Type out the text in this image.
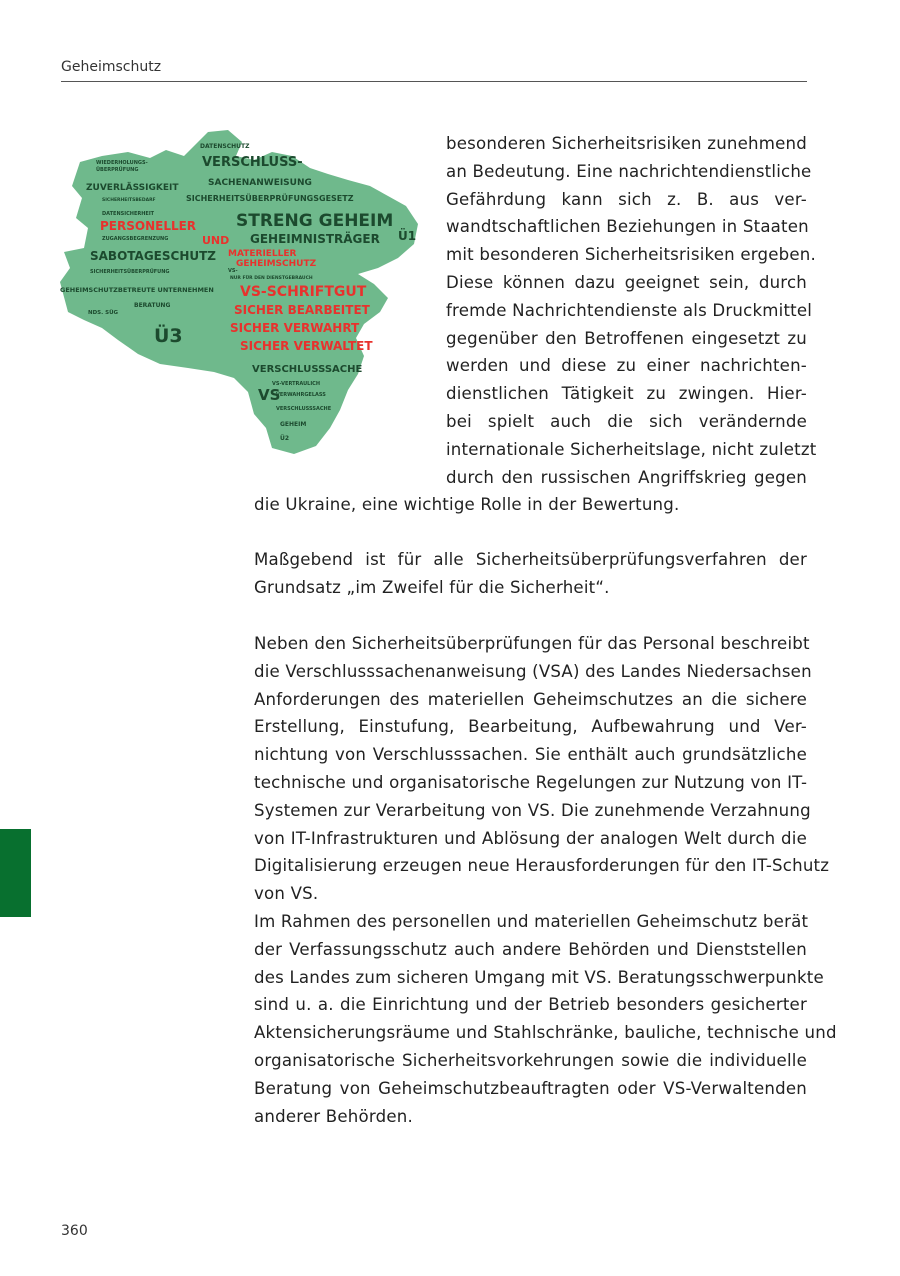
Geheimschutz
DATENSCHUTZ
VERSCHLUSS-
WIEDERHOLUNGS-
ÜBERPRÜFUNG
SACHENANWEISUNG
ZUVERLÄSSIGKEIT
SICHERHEITSBEDARF	SICHERHEITSÜBERPRÜFUNGSGESETZ
DATENSICHERHEIT	STRENG GEHEIM
PERSONELLER
ZUGANGSBEGRENZUNG	UND GEHEIMNISTRÄGER Ü1
SABOTAGESCHUTZ MATERIELLER
GEHEIMSCHUTZ
SICHERHEITSÜBERPRÜFUNG	VS-
NUR FÜR DEN DIENSTGEBRAUCH
GEHEIMSCHUTZBETREUTE UNTERNEHMEN VS-SCHRIFTGUT
NDS. SÜG
BERATUNG	SICHER BEARBEITET
Ü3	SICHER VERWAHRT
SICHER VERWALTET
VERSCHLUSSSACHE
VS-VERTRAULICH
VS
VERWAHRGELASS
VERSCHLUSSSACHE
GEHEIM
Ü2
besonderen Sicherheitsrisiken zunehmend
an Bedeutung. Eine nachrichtendienstliche
Gefährdung kann sich z. B. aus ver-
wandtschaftlichen Beziehungen in Staaten
mit besonderen Sicherheitsrisiken ergeben.
Diese können dazu geeignet sein, durch
fremde Nachrichtendienste als Druckmittel
gegenüber den Betroffenen eingesetzt zu
werden und diese zu einer nachrichten-
dienstlichen Tätigkeit zu zwingen. Hier-
bei spielt auch die sich verändernde
internationale Sicherheitslage, nicht zuletzt
durch den russischen Angriffskrieg gegen
die Ukraine, eine wichtige Rolle in der Bewertung.
Maßgebend ist für alle Sicherheitsüberprüfungsverfahren der
Grundsatz „im Zweifel für die Sicherheit“.
Neben den Sicherheitsüberprüfungen für das Personal beschreibt
die Verschlusssachenanweisung (VSA) des Landes Niedersachsen
Anforderungen des materiellen Geheimschutzes an die sichere
Erstellung, Einstufung, Bearbeitung, Aufbewahrung und Ver-
nichtung von Verschlusssachen. Sie enthält auch grundsätzliche
technische und organisatorische Regelungen zur Nutzung von IT-
Systemen zur Verarbeitung von VS. Die zunehmende Verzahnung
von IT-Infrastrukturen und Ablösung der analogen Welt durch die
Digitalisierung erzeugen neue Herausforderungen für den IT-Schutz
von VS.
Im Rahmen des personellen und materiellen Geheimschutz berät
der Verfassungsschutz auch andere Behörden und Dienststellen
des Landes zum sicheren Umgang mit VS. Beratungsschwerpunkte
sind u. a. die Einrichtung und der Betrieb besonders gesicherter
Aktensicherungsräume und Stahlschränke, bauliche, technische und
organisatorische Sicherheitsvorkehrungen sowie die individuelle
Beratung von Geheimschutzbeauftragten oder VS-Verwaltenden
anderer Behörden.
360
